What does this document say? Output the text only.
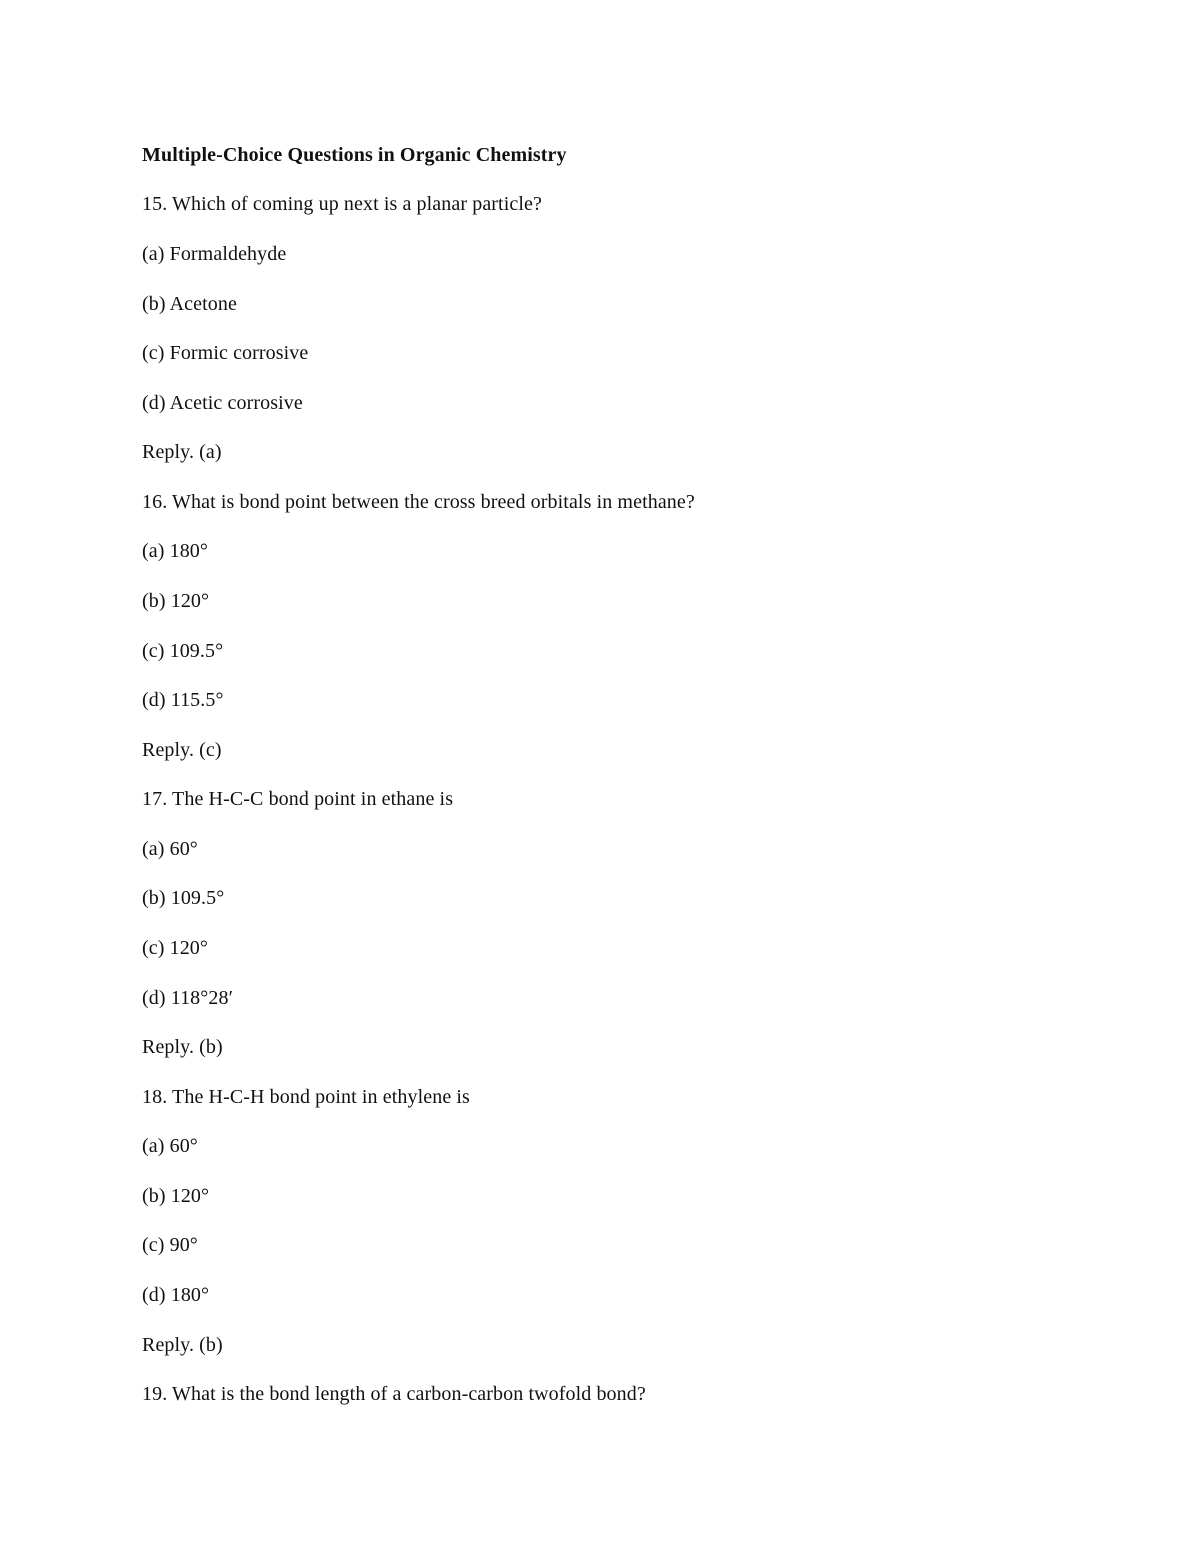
Multiple-Choice Questions in Organic Chemistry
15. Which of coming up next is a planar particle?
(a) Formaldehyde
(b) Acetone
(c) Formic corrosive
(d) Acetic corrosive
Reply. (a)
16. What is bond point between the cross breed orbitals in methane?
(a) 180°
(b) 120°
(c) 109.5°
(d) 115.5°
Reply. (c)
17. The H-C-C bond point in ethane is
(a) 60°
(b) 109.5°
(c) 120°
(d) 118°28′
Reply. (b)
18. The H-C-H bond point in ethylene is
(a) 60°
(b) 120°
(c) 90°
(d) 180°
Reply. (b)
19. What is the bond length of a carbon-carbon twofold bond?
